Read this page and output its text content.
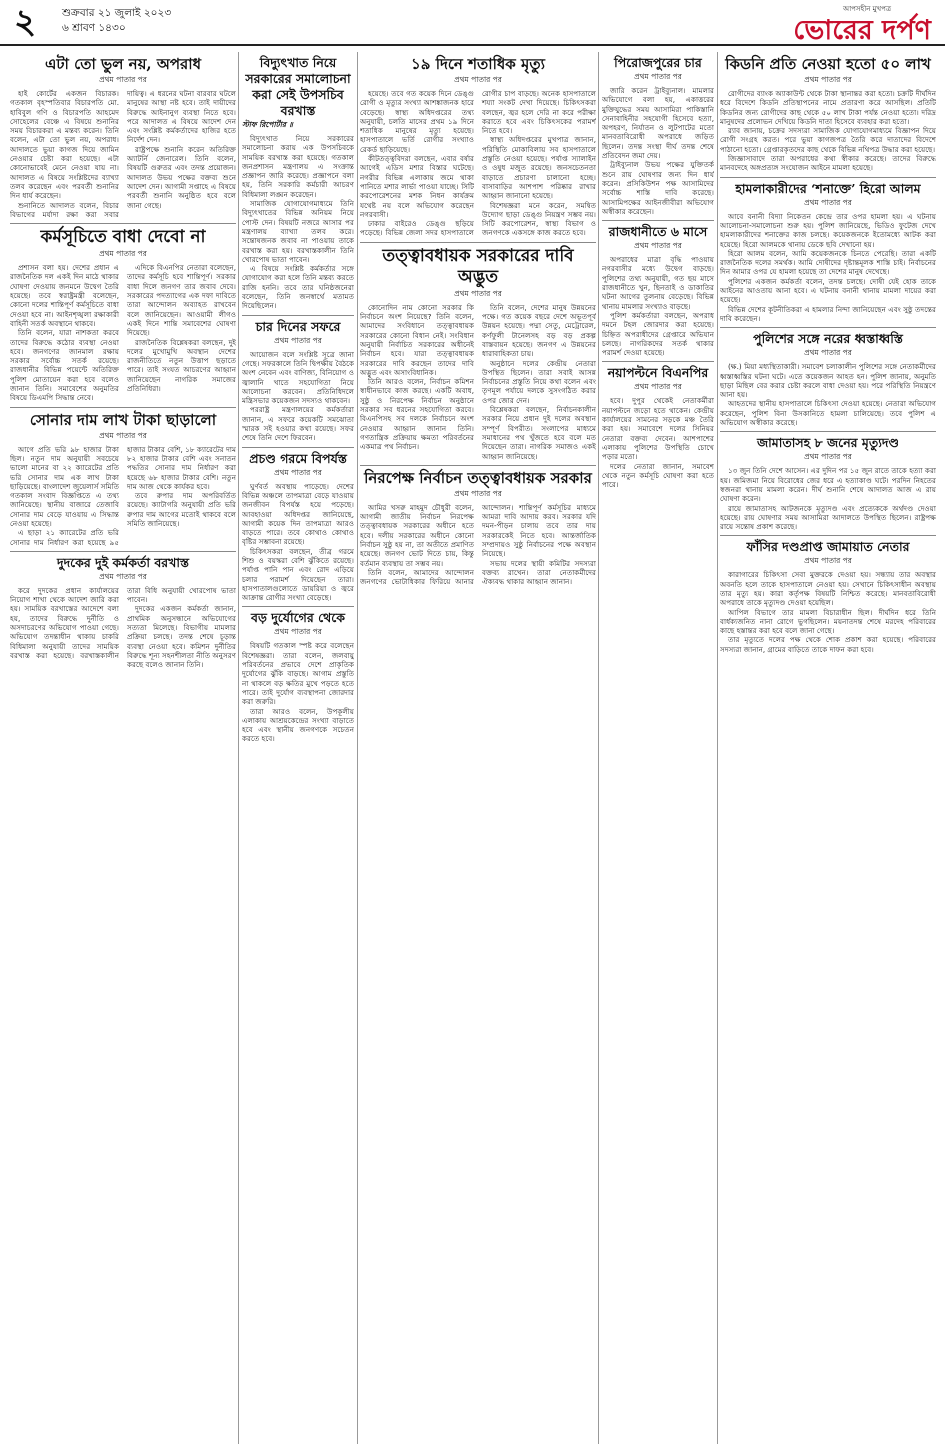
২ শুক্রবার ২১ জুলাই ২০২৩
৬ শ্রাবণ ১৪৩০
আপসহীন মুখপত্র
ভোরের দর্পণ
এটা তো ভুল নয়, অপরাধ
প্রথম পাতার পর

হাই কোর্টের একজন বিচারক। গতকাল বৃহস্পতিবার বিচারপতি মো. হাবিবুল গণি ও বিচারপতি আহমেদ সোহেলের বেঞ্চে এ বিষয়ে শুনানির সময় বিচারকরা এ মন্তব্য করেন। তিনি বলেন, এটা তো ভুল নয়, অপরাধ। আদালতে ভুয়া কাগজ দিয়ে জামিন নেওয়ার চেষ্টা করা হয়েছে। এটা কোনোভাবেই মেনে নেওয়া যায় না। আদালত এ বিষয়ে সংশ্লিষ্টদের ব্যাখ্যা তলব করেছেন এবং পরবর্তী শুনানির দিন ধার্য করেছেন।

শুনানিতে আদালত বলেন, বিচার বিভাগের মর্যাদা রক্ষা করা সবার দায়িত্ব। এ ধরনের ঘটনা বারবার ঘটলে মানুষের আস্থা নষ্ট হবে। তাই দায়ীদের বিরুদ্ধে আইনানুগ ব্যবস্থা নিতে হবে। পরে আদালত এ বিষয়ে আদেশ দেন এবং সংশ্লিষ্ট কর্মকর্তাদের হাজির হতে নির্দেশ দেন।

রাষ্ট্রপক্ষে শুনানি করেন অতিরিক্ত অ্যাটর্নি জেনারেল। তিনি বলেন, বিষয়টি গুরুতর এবং তদন্ত প্রয়োজন। আদালত উভয় পক্ষের বক্তব্য শুনে আদেশ দেন। আগামী সপ্তাহে এ বিষয়ে পরবর্তী শুনানি অনুষ্ঠিত হবে বলে জানা গেছে।

কর্মসূচিতে বাধা দেবো না
প্রথম পাতার পর

প্রশাসন বলা হয়। দেশের প্রধান এ রাজনৈতিক দল একই দিন মাঠে থাকার ঘোষণা দেওয়ায় জনমনে উদ্বেগ তৈরি হয়েছে। তবে স্বরাষ্ট্রমন্ত্রী বলেছেন, কোনো দলের শান্তিপূর্ণ কর্মসূচিতে বাধা দেওয়া হবে না। আইনশৃঙ্খলা রক্ষাকারী বাহিনী সতর্ক অবস্থানে থাকবে।

তিনি বলেন, যারা নাশকতা করবে তাদের বিরুদ্ধে কঠোর ব্যবস্থা নেওয়া হবে। জনগণের জানমাল রক্ষায় সরকার সর্বোচ্চ সতর্ক রয়েছে। রাজধানীর বিভিন্ন পয়েন্টে অতিরিক্ত পুলিশ মোতায়েন করা হবে বলেও জানান তিনি। সমাবেশের অনুমতির বিষয়ে ডিএমপি সিদ্ধান্ত নেবে।

এদিকে বিএনপির নেতারা বলেছেন, তাদের কর্মসূচি হবে শান্তিপূর্ণ। সরকার বাধা দিলে জনগণ তার জবাব দেবে। সরকারের পদত্যাগের এক দফা দাবিতে তারা আন্দোলন অব্যাহত রাখবেন বলে জানিয়েছেন। আওয়ামী লীগও একই দিনে শান্তি সমাবেশের ঘোষণা দিয়েছে।

রাজনৈতিক বিশ্লেষকরা বলছেন, দুই দলের মুখোমুখি অবস্থান দেশের রাজনীতিতে নতুন উত্তাপ ছড়াতে পারে। তাই সংযত আচরণের আহ্বান জানিয়েছেন নাগরিক সমাজের প্রতিনিধিরা।

সোনার দাম লাখ টাকা ছাড়ালো
প্রথম পাতার পর

আগে প্রতি ভরি ৯৮ হাজার টাকা ছিল। নতুন দাম অনুযায়ী সবচেয়ে ভালো মানের বা ২২ ক্যারেটের প্রতি ভরি সোনার দাম এক লাখ টাকা ছাড়িয়েছে। বাংলাদেশ জুয়েলার্স সমিতি গতকাল সংবাদ বিজ্ঞপ্তিতে এ তথ্য জানিয়েছে। স্থানীয় বাজারে তেজাবি সোনার দাম বেড়ে যাওয়ায় এ সিদ্ধান্ত নেওয়া হয়েছে।

এ ছাড়া ২১ ক্যারেটের প্রতি ভরি সোনার দাম নির্ধারণ করা হয়েছে ৯৫ হাজার টাকার বেশি, ১৮ ক্যারেটের দাম ৮২ হাজার টাকার বেশি এবং সনাতন পদ্ধতির সোনার দাম নির্ধারণ করা হয়েছে ৬৮ হাজার টাকার বেশি। নতুন দাম আজ থেকে কার্যকর হবে।

তবে রুপার দাম অপরিবর্তিত রয়েছে। ক্যাটাগরি অনুযায়ী প্রতি ভরি রুপার দাম আগের মতোই থাকবে বলে সমিতি জানিয়েছে।

দুদকের দুই কর্মকর্তা বরখাস্ত
প্রথম পাতার পর

করে দুদকের প্রধান কার্যালয়ের নিয়োগ শাখা থেকে আদেশ জারি করা হয়। সাময়িক বরখাস্তের আদেশে বলা হয়, তাদের বিরুদ্ধে দুর্নীতি ও অসদাচরণের অভিযোগ পাওয়া গেছে। অভিযোগ তদন্তাধীন থাকায় চাকরি বিধিমালা অনুযায়ী তাদের সাময়িক বরখাস্ত করা হয়েছে। বরখাস্তকালীন তারা বিধি অনুযায়ী খোরপোষ ভাতা পাবেন।

দুদকের একজন কর্মকর্তা জানান, প্রাথমিক অনুসন্ধানে অভিযোগের সত্যতা মিলেছে। বিভাগীয় মামলার প্রক্রিয়া চলছে। তদন্ত শেষে চূড়ান্ত ব্যবস্থা নেওয়া হবে। কমিশন দুর্নীতির বিরুদ্ধে শূন্য সহনশীলতা নীতি অনুসরণ করছে বলেও জানান তিনি।

বিদ্যুৎখাত নিয়ে সরকারের সমালোচনা করা সেই উপসচিব বরখাস্ত
স্টাফ রিপোর্টার ॥

বিদ্যুৎখাত নিয়ে সরকারের সমালোচনা করায় এক উপসচিবকে সাময়িক বরখাস্ত করা হয়েছে। গতকাল জনপ্রশাসন মন্ত্রণালয় এ সংক্রান্ত প্রজ্ঞাপন জারি করেছে। প্রজ্ঞাপনে বলা হয়, তিনি সরকারি কর্মচারী আচরণ বিধিমালা লঙ্ঘন করেছেন।

সামাজিক যোগাযোগমাধ্যমে তিনি বিদ্যুৎখাতের বিভিন্ন অনিয়ম নিয়ে পোস্ট দেন। বিষয়টি নজরে আসার পর মন্ত্রণালয় ব্যাখ্যা তলব করে। সন্তোষজনক জবাব না পাওয়ায় তাকে বরখাস্ত করা হয়। বরখাস্তকালীন তিনি খোরপোষ ভাতা পাবেন।

এ বিষয়ে সংশ্লিষ্ট কর্মকর্তার সঙ্গে যোগাযোগ করা হলে তিনি মন্তব্য করতে রাজি হননি। তবে তার ঘনিষ্ঠজনেরা বলেছেন, তিনি জনস্বার্থে মতামত দিয়েছিলেন।

চার দিনের সফরে
প্রথম পাতার পর

আয়োজন বলে সংশ্লিষ্ট সূত্রে জানা গেছে। সফরকালে তিনি দ্বিপক্ষীয় বৈঠকে অংশ নেবেন এবং বাণিজ্য, বিনিয়োগ ও জ্বালানি খাতে সহযোগিতা নিয়ে আলোচনা করবেন। প্রতিনিধিদলে মন্ত্রিসভার কয়েকজন সদস্যও থাকবেন।

পররাষ্ট্র মন্ত্রণালয়ের কর্মকর্তারা জানান, এ সফরে কয়েকটি সমঝোতা স্মারক সই হওয়ার কথা রয়েছে। সফর শেষে তিনি দেশে ফিরবেন।

প্রচণ্ড গরমে বিপর্যস্ত
প্রথম পাতার পর

ঘুর্ণবর্ত অবস্থায় পাড়েছে। দেশের বিভিন্ন অঞ্চলে তাপমাত্রা বেড়ে যাওয়ায় জনজীবন বিপর্যস্ত হয়ে পড়েছে। আবহাওয়া অধিদপ্তর জানিয়েছে, আগামী কয়েক দিন তাপমাত্রা আরও বাড়তে পারে। তবে কোথাও কোথাও বৃষ্টির সম্ভাবনা রয়েছে।

চিকিৎসকরা বলছেন, তীব্র গরমে শিশু ও বয়স্করা বেশি ঝুঁকিতে রয়েছে। পর্যাপ্ত পানি পান এবং রোদ এড়িয়ে চলার পরামর্শ দিয়েছেন তারা। হাসপাতালগুলোতে ডায়রিয়া ও জ্বরে আক্রান্ত রোগীর সংখ্যা বেড়েছে।

বড় দুর্যোগের থেকে
প্রথম পাতার পর

বিষয়টি গতকাল স্পষ্ট করে বলেছেন বিশেষজ্ঞরা। তারা বলেন, জলবায়ু পরিবর্তনের প্রভাবে দেশে প্রাকৃতিক দুর্যোগের ঝুঁকি বাড়ছে। আগাম প্রস্তুতি না থাকলে বড় ক্ষতির মুখে পড়তে হতে পারে। তাই দুর্যোগ ব্যবস্থাপনা জোরদার করা জরুরি।

তারা আরও বলেন, উপকূলীয় এলাকায় আশ্রয়কেন্দ্রের সংখ্যা বাড়াতে হবে এবং স্থানীয় জনগণকে সচেতন করতে হবে।

১৯ দিনে শতাধিক মৃত্যু
প্রথম পাতার পর

হয়েছে। তবে গত কয়েক দিনে ডেঙ্গু রোগী ও মৃত্যুর সংখ্যা আশঙ্কাজনক হারে বেড়েছে। স্বাস্থ্য অধিদপ্তরের তথ্য অনুযায়ী, চলতি মাসের প্রথম ১৯ দিনে শতাধিক মানুষের মৃত্যু হয়েছে। হাসপাতালে ভর্তি রোগীর সংখ্যাও রেকর্ড ছাড়িয়েছে।

কীটতত্ত্ববিদরা বলছেন, এবার বর্ষার আগেই এডিস মশার বিস্তার ঘটেছে। নগরীর বিভিন্ন এলাকায় জমে থাকা পানিতে মশার লার্ভা পাওয়া যাচ্ছে। সিটি করপোরেশনের মশক নিধন কার্যক্রম যথেষ্ট নয় বলে অভিযোগ করেছেন নগরবাসী।

ঢাকার বাইরেও ডেঙ্গু ছড়িয়ে পড়েছে। বিভিন্ন জেলা সদর হাসপাতালে রোগীর চাপ বাড়ছে। অনেক হাসপাতালে শয্যা সংকট দেখা দিয়েছে। চিকিৎসকরা বলছেন, জ্বর হলে দেরি না করে পরীক্ষা করাতে হবে এবং চিকিৎসকের পরামর্শ নিতে হবে।

স্বাস্থ্য অধিদপ্তরের মুখপাত্র জানান, পরিস্থিতি মোকাবিলায় সব হাসপাতালে প্রস্তুতি নেওয়া হয়েছে। পর্যাপ্ত স্যালাইন ও ওষুধ মজুত রয়েছে। জনসচেতনতা বাড়াতে প্রচারণা চালানো হচ্ছে। বাসাবাড়ির আশপাশ পরিষ্কার রাখার আহ্বান জানানো হয়েছে।

বিশেষজ্ঞরা মনে করেন, সমন্বিত উদ্যোগ ছাড়া ডেঙ্গু নিয়ন্ত্রণ সম্ভব নয়। সিটি করপোরেশন, স্বাস্থ্য বিভাগ ও জনগণকে একসঙ্গে কাজ করতে হবে।

তত্ত্বাবধায়ক সরকারের দাবি অদ্ভুত
প্রথম পাতার পর

কোনোদিন নাম কোনো সরকার কি নির্বাচনে অংশ নিয়েছে? তিনি বলেন, আমাদের সংবিধানে তত্ত্বাবধায়ক সরকারের কোনো বিধান নেই। সংবিধান অনুযায়ী নির্বাচিত সরকারের অধীনেই নির্বাচন হবে। যারা তত্ত্বাবধায়ক সরকারের দাবি করছেন তাদের দাবি অদ্ভুত এবং অসাংবিধানিক।

তিনি আরও বলেন, নির্বাচন কমিশন স্বাধীনভাবে কাজ করছে। একটি অবাধ, সুষ্ঠু ও নিরপেক্ষ নির্বাচন অনুষ্ঠানে সরকার সব ধরনের সহযোগিতা করবে। বিএনপিসহ সব দলকে নির্বাচনে অংশ নেওয়ার আহ্বান জানান তিনি। গণতান্ত্রিক প্রক্রিয়ায় ক্ষমতা পরিবর্তনের একমাত্র পথ নির্বাচন।

তিনি বলেন, দেশের মানুষ উন্নয়নের পক্ষে। গত কয়েক বছরে দেশে অভূতপূর্ব উন্নয়ন হয়েছে। পদ্মা সেতু, মেট্রোরেল, কর্ণফুলী টানেলসহ বড় বড় প্রকল্প বাস্তবায়ন হয়েছে। জনগণ এ উন্নয়নের ধারাবাহিকতা চায়।

অনুষ্ঠানে দলের কেন্দ্রীয় নেতারা উপস্থিত ছিলেন। তারা সবাই আসন্ন নির্বাচনের প্রস্তুতি নিয়ে কথা বলেন এবং তৃণমূল পর্যায়ে দলকে সুসংগঠিত করার ওপর জোর দেন।

বিশ্লেষকরা বলছেন, নির্বাচনকালীন সরকার নিয়ে প্রধান দুই দলের অবস্থান সম্পূর্ণ বিপরীত। সংলাপের মাধ্যমে সমাধানের পথ খুঁজতে হবে বলে মত দিয়েছেন তারা। নাগরিক সমাজও একই আহ্বান জানিয়েছে।

নিরপেক্ষ নির্বাচন তত্ত্বাবধায়ক সরকার
প্রথম পাতার পর

আমির খসরু মাহমুদ চৌধুরী বলেন, আগামী জাতীয় নির্বাচন নিরপেক্ষ তত্ত্বাবধায়ক সরকারের অধীনে হতে হবে। দলীয় সরকারের অধীনে কোনো নির্বাচন সুষ্ঠু হয় না, তা অতীতে প্রমাণিত হয়েছে। জনগণ ভোট দিতে চায়, কিন্তু বর্তমান ব্যবস্থায় তা সম্ভব নয়।

তিনি বলেন, আমাদের আন্দোলন জনগণের ভোটাধিকার ফিরিয়ে আনার আন্দোলন। শান্তিপূর্ণ কর্মসূচির মাধ্যমে আমরা দাবি আদায় করব। সরকার যদি দমন-পীড়ন চালায় তবে তার দায় সরকারকেই নিতে হবে। আন্তর্জাতিক সম্প্রদায়ও সুষ্ঠু নির্বাচনের পক্ষে অবস্থান নিয়েছে।

সভায় দলের স্থায়ী কমিটির সদস্যরা বক্তব্য রাখেন। তারা নেতাকর্মীদের ঐক্যবদ্ধ থাকার আহ্বান জানান।

পিরোজপুরের চার
প্রথম পাতার পর

জারি করেন ট্রাইব্যুনাল। মামলার অভিযোগে বলা হয়, একাত্তরের মুক্তিযুদ্ধের সময় আসামিরা পাকিস্তানি সেনাবাহিনীর সহযোগী হিসেবে হত্যা, অপহরণ, নির্যাতন ও লুটপাটের মতো মানবতাবিরোধী অপরাধে জড়িত ছিলেন। তদন্ত সংস্থা দীর্ঘ তদন্ত শেষে প্রতিবেদন জমা দেয়।

ট্রাইব্যুনাল উভয় পক্ষের যুক্তিতর্ক শুনে রায় ঘোষণার জন্য দিন ধার্য করেন। প্রসিকিউশন পক্ষ আসামিদের সর্বোচ্চ শাস্তি দাবি করেছে। আসামিপক্ষের আইনজীবীরা অভিযোগ অস্বীকার করেছেন।

রাজধানীতে ৬ মাসে
প্রথম পাতার পর

অপরাধের মাত্রা বৃদ্ধি পাওয়ায় নগরবাসীর মধ্যে উদ্বেগ বাড়ছে। পুলিশের তথ্য অনুযায়ী, গত ছয় মাসে রাজধানীতে খুন, ছিনতাই ও ডাকাতির ঘটনা আগের তুলনায় বেড়েছে। বিভিন্ন থানায় মামলার সংখ্যাও বাড়ছে।

পুলিশ কর্মকর্তারা বলছেন, অপরাধ দমনে টহল জোরদার করা হয়েছে। চিহ্নিত অপরাধীদের গ্রেপ্তারে অভিযান চলছে। নাগরিকদের সতর্ক থাকার পরামর্শ দেওয়া হয়েছে।

নয়াপল্টনে বিএনপির
প্রথম পাতার পর

হবে। দুপুর থেকেই নেতাকর্মীরা নয়াপল্টনে জড়ো হতে থাকেন। কেন্দ্রীয় কার্যালয়ের সামনের সড়কে মঞ্চ তৈরি করা হয়। সমাবেশে দলের সিনিয়র নেতারা বক্তব্য দেবেন। আশপাশের এলাকায় পুলিশের উপস্থিতি চোখে পড়ার মতো।

দলের নেতারা জানান, সমাবেশ থেকে নতুন কর্মসূচি ঘোষণা করা হতে পারে।

কিডনি প্রতি নেওয়া হতো ৫০ লাখ
প্রথম পাতার পর

রোগীদের ব্যাংক অ্যাকাউন্ট থেকে টাকা স্থানান্তর করা হতো। চক্রটি দীর্ঘদিন ধরে বিদেশে কিডনি প্রতিস্থাপনের নামে প্রতারণা করে আসছিল। প্রতিটি কিডনির জন্য রোগীদের কাছ থেকে ৫০ লাখ টাকা পর্যন্ত নেওয়া হতো। দরিদ্র মানুষদের প্রলোভন দেখিয়ে কিডনি দাতা হিসেবে ব্যবহার করা হতো।

র‍্যাব জানায়, চক্রের সদস্যরা সামাজিক যোগাযোগমাধ্যমে বিজ্ঞাপন দিয়ে রোগী সংগ্রহ করত। পরে ভুয়া কাগজপত্র তৈরি করে দাতাদের বিদেশে পাঠানো হতো। গ্রেপ্তারকৃতদের কাছ থেকে বিভিন্ন নথিপত্র উদ্ধার করা হয়েছে।

জিজ্ঞাসাবাদে তারা অপরাধের কথা স্বীকার করেছে। তাদের বিরুদ্ধে মানবদেহে অঙ্গপ্রত্যঙ্গ সংযোজন আইনে মামলা হয়েছে।

হামলাকারীদের ‘শনাক্তে’ হিরো আলম
প্রথম পাতার পর

আবে বনানী বিদ্যা নিকেতন কেন্দ্রে তার ওপর হামলা হয়। এ ঘটনায় আলোচনা-সমালোচনা শুরু হয়। পুলিশ জানিয়েছে, ভিডিও ফুটেজ দেখে হামলাকারীদের শনাক্তের কাজ চলছে। কয়েকজনকে ইতোমধ্যে আটক করা হয়েছে। হিরো আলমকে থানায় ডেকে ছবি দেখানো হয়।

হিরো আলম বলেন, আমি কয়েকজনকে চিনতে পেরেছি। তারা একটি রাজনৈতিক দলের সমর্থক। আমি দোষীদের দৃষ্টান্তমূলক শাস্তি চাই। নির্বাচনের দিন আমার ওপর যে হামলা হয়েছে তা দেশের মানুষ দেখেছে।

পুলিশের একজন কর্মকর্তা বলেন, তদন্ত চলছে। দোষী যেই হোক তাকে আইনের আওতায় আনা হবে। এ ঘটনায় বনানী থানায় মামলা দায়ের করা হয়েছে।

বিভিন্ন দেশের কূটনীতিকরা এ হামলার নিন্দা জানিয়েছেন এবং সুষ্ঠু তদন্তের দাবি করেছেন।

পুলিশের সঙ্গে নরের ধ্বস্তাধ্বস্তি
প্রথম পাতার পর

(ক্ষ.) মিয়া মধ্যস্থিতাকারী। সমাবেশ চলাকালীন পুলিশের সঙ্গে নেতাকর্মীদের ধ্বস্তাধ্বস্তির ঘটনা ঘটে। এতে কয়েকজন আহত হন। পুলিশ জানায়, অনুমতি ছাড়া মিছিল বের করার চেষ্টা করলে বাধা দেওয়া হয়। পরে পরিস্থিতি নিয়ন্ত্রণে আনা হয়।

আহতদের স্থানীয় হাসপাতালে চিকিৎসা দেওয়া হয়েছে। নেতারা অভিযোগ করেছেন, পুলিশ বিনা উসকানিতে হামলা চালিয়েছে। তবে পুলিশ এ অভিযোগ অস্বীকার করেছে।

জামাতাসহ ৮ জনের মৃত্যুদণ্ড
প্রথম পাতার পর

১৩ জুন তিনি দেশে আসেন। এর দুদিন পর ১৫ জুন রাতে তাকে হত্যা করা হয়। জমিজমা নিয়ে বিরোধের জের ধরে এ হত্যাকাণ্ড ঘটে। পরদিন নিহতের স্বজনরা থানায় মামলা করেন। দীর্ঘ শুনানি শেষে আদালত আজ এ রায় ঘোষণা করেন।

রায়ে জামাতাসহ আটজনকে মৃত্যুদণ্ড এবং প্রত্যেককে অর্থদণ্ড দেওয়া হয়েছে। রায় ঘোষণার সময় আসামিরা আদালতে উপস্থিত ছিলেন। রাষ্ট্রপক্ষ রায়ে সন্তোষ প্রকাশ করেছে।

ফাঁসির দণ্ডপ্রাপ্ত জামায়াত নেতার
প্রথম পাতার পর

কারাগারের চিকিৎসা সেবা মুক্তরকে দেওয়া হয়। সন্ধ্যায় তার অবস্থার অবনতি হলে তাকে হাসপাতালে নেওয়া হয়। সেখানে চিকিৎসাধীন অবস্থায় তার মৃত্যু হয়। কারা কর্তৃপক্ষ বিষয়টি নিশ্চিত করেছে। মানবতাবিরোধী অপরাধে তাকে মৃত্যুদণ্ড দেওয়া হয়েছিল।

আপিল বিভাগে তার মামলা বিচারাধীন ছিল। দীর্ঘদিন ধরে তিনি বার্ধক্যজনিত নানা রোগে ভুগছিলেন। ময়নাতদন্ত শেষে মরদেহ পরিবারের কাছে হস্তান্তর করা হবে বলে জানা গেছে।

তার মৃত্যুতে দলের পক্ষ থেকে শোক প্রকাশ করা হয়েছে। পরিবারের সদস্যরা জানান, গ্রামের বাড়িতে তাকে দাফন করা হবে।
